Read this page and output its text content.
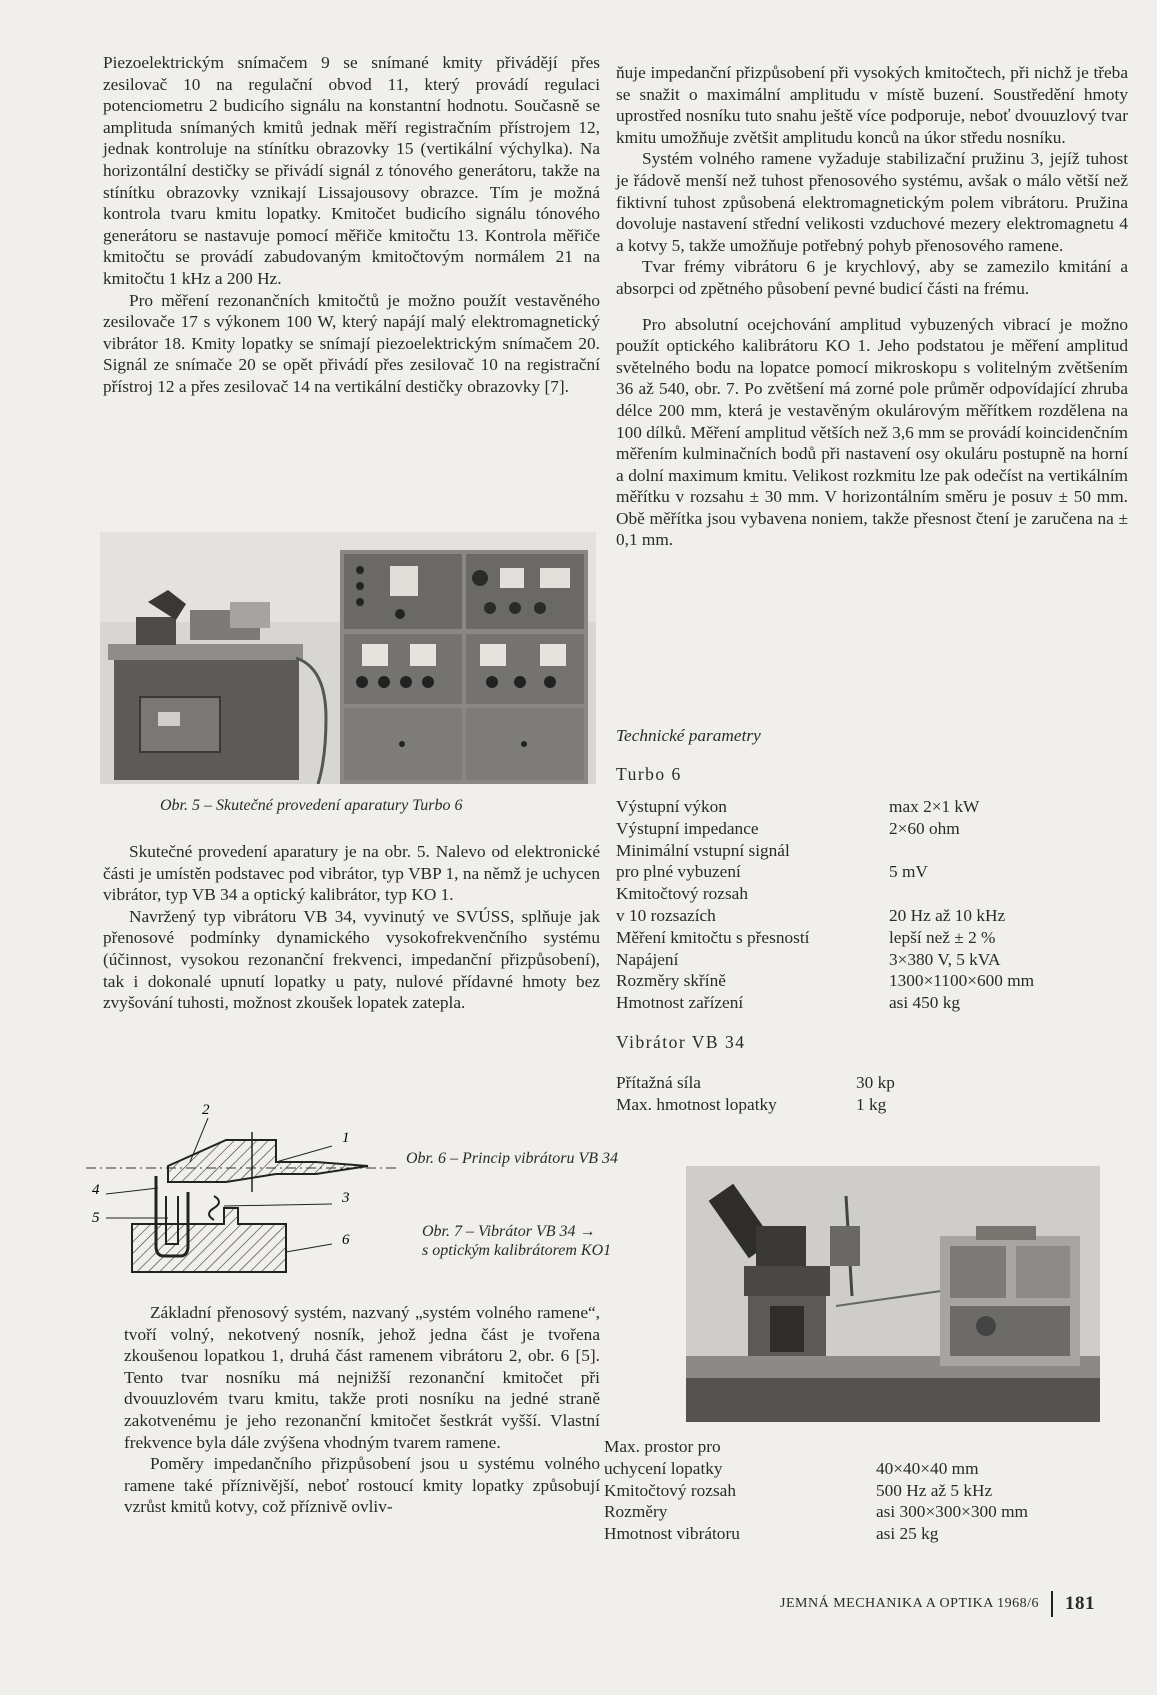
Piezoelektrickým snímačem 9 se snímané kmity přivádějí přes zesilovač 10 na regulační obvod 11, který provádí regulaci potenciometru 2 budicího signálu na konstantní hodnotu. Současně se amplituda snímaných kmitů jednak měří registračním přístrojem 12, jednak kontroluje na stínítku obrazovky 15 (vertikální výchylka). Na horizontální destičky se přivádí signál z tónového generátoru, takže na stínítku obrazovky vznikají Lissajousovy obrazce. Tím je možná kontrola tvaru kmitu lopatky. Kmitočet budicího signálu tónového generátoru se nastavuje pomocí měřiče kmitočtu 13. Kontrola měřiče kmitočtu se provádí zabudovaným kmitočtovým normálem 21 na kmitočtu 1 kHz a 200 Hz.

Pro měření rezonančních kmitočtů je možno použít vestavěného zesilovače 17 s výkonem 100 W, který napájí malý elektromagnetický vibrátor 18. Kmity lopatky se snímají piezoelektrickým snímačem 20. Signál ze snímače 20 se opět přivádí přes zesilovač 10 na registrační přístroj 12 a přes zesilovač 14 na vertikální destičky obrazovky [7].

Obr. 5 – Skutečné provedení aparatury Turbo 6

Skutečné provedení aparatury je na obr. 5. Nalevo od elektronické části je umístěn podstavec pod vibrátor, typ VBP 1, na němž je uchycen vibrátor, typ VB 34 a optický kalibrátor, typ KO 1.

Navržený typ vibrátoru VB 34, vyvinutý ve SVÚSS, splňuje jak přenosové podmínky dynamického vysokofrekvenčního systému (účinnost, vysokou rezonanční frekvenci, impedanční přizpůsobení), tak i dokonalé upnutí lopatky u paty, nulové přídavné hmoty bez zvyšování tuhosti, možnost zkoušek lopatek zatepla.

2
1
4	3
5
6
Obr. 6 – Princip vibrátoru VB 34
Obr. 7 – Vibrátor VB 34 →
s optickým kalibrátorem KO1

Základní přenosový systém, nazvaný „systém volného ramene“, tvoří volný, nekotvený nosník, jehož jedna část je tvořena zkoušenou lopatkou 1, druhá část ramenem vibrátoru 2, obr. 6 [5]. Tento tvar nosníku má nejnižší rezonanční kmitočet při dvouuzlovém tvaru kmitu, takže proti nosníku na jedné straně zakotvenému je jeho rezonanční kmitočet šestkrát vyšší. Vlastní frekvence byla dále zvýšena vhodným tvarem ramene.

Poměry impedančního přizpůsobení jsou u systému volného ramene také příznivější, neboť rostoucí kmity lopatky způsobují vzrůst kmitů kotvy, což příznivě ovliv-

ňuje impedanční přizpůsobení při vysokých kmitočtech, při nichž je třeba se snažit o maximální amplitudu v místě buzení. Soustředění hmoty uprostřed nosníku tuto snahu ještě více podporuje, neboť dvouuzlový tvar kmitu umožňuje zvětšit amplitudu konců na úkor středu nosníku.

Systém volného ramene vyžaduje stabilizační pružinu 3, jejíž tuhost je řádově menší než tuhost přenosového systému, avšak o málo větší než fiktivní tuhost způsobená elektromagnetickým polem vibrátoru. Pružina dovoluje nastavení střední velikosti vzduchové mezery elektromagnetu 4 a kotvy 5, takže umožňuje potřebný pohyb přenosového ramene.

Tvar frémy vibrátoru 6 je krychlový, aby se zamezilo kmitání a absorpci od zpětného působení pevné budicí části na frému.

Pro absolutní ocejchování amplitud vybuzených vibrací je možno použít optického kalibrátoru KO 1. Jeho podstatou je měření amplitud světelného bodu na lopatce pomocí mikroskopu s volitelným zvětšením 36 až 540, obr. 7. Po zvětšení má zorné pole průměr odpovídající zhruba délce 200 mm, která je vestavěným okulárovým měřítkem rozdělena na 100 dílků. Měření amplitud větších než 3,6 mm se provádí koincidenčním měřením kulminačních bodů při nastavení osy okuláru postupně na horní a dolní maximum kmitu. Velikost rozkmitu lze pak odečíst na vertikálním měřítku v rozsahu ± 30 mm. V horizontálním směru je posuv ± 50 mm. Obě měřítka jsou vybavena noniem, takže přesnost čtení je zaručena na ± 0,1 mm.

Technické parametry
Turbo 6
Výstupní výkon	max 2×1 kW
Výstupní impedance	2×60 ohm
Minimální vstupní signál
pro plné vybuzení	5 mV
Kmitočtový rozsah
v 10 rozsazích	20 Hz až 10 kHz
Měření kmitočtu s přesností	lepší než ± 2 %
Napájení	3×380 V, 5 kVA
Rozměry skříně	1300×1100×600 mm
Hmotnost zařízení	asi 450 kg
Vibrátor VB 34
Přítažná síla	30 kp
Max. hmotnost lopatky	1 kg
Max. prostor pro
uchycení lopatky	40×40×40 mm
Kmitočtový rozsah	500 Hz až 5 kHz
Rozměry	asi 300×300×300 mm
Hmotnost vibrátoru	asi 25 kg
JEMNÁ MECHANIKA A OPTIKA 1968/6 181
